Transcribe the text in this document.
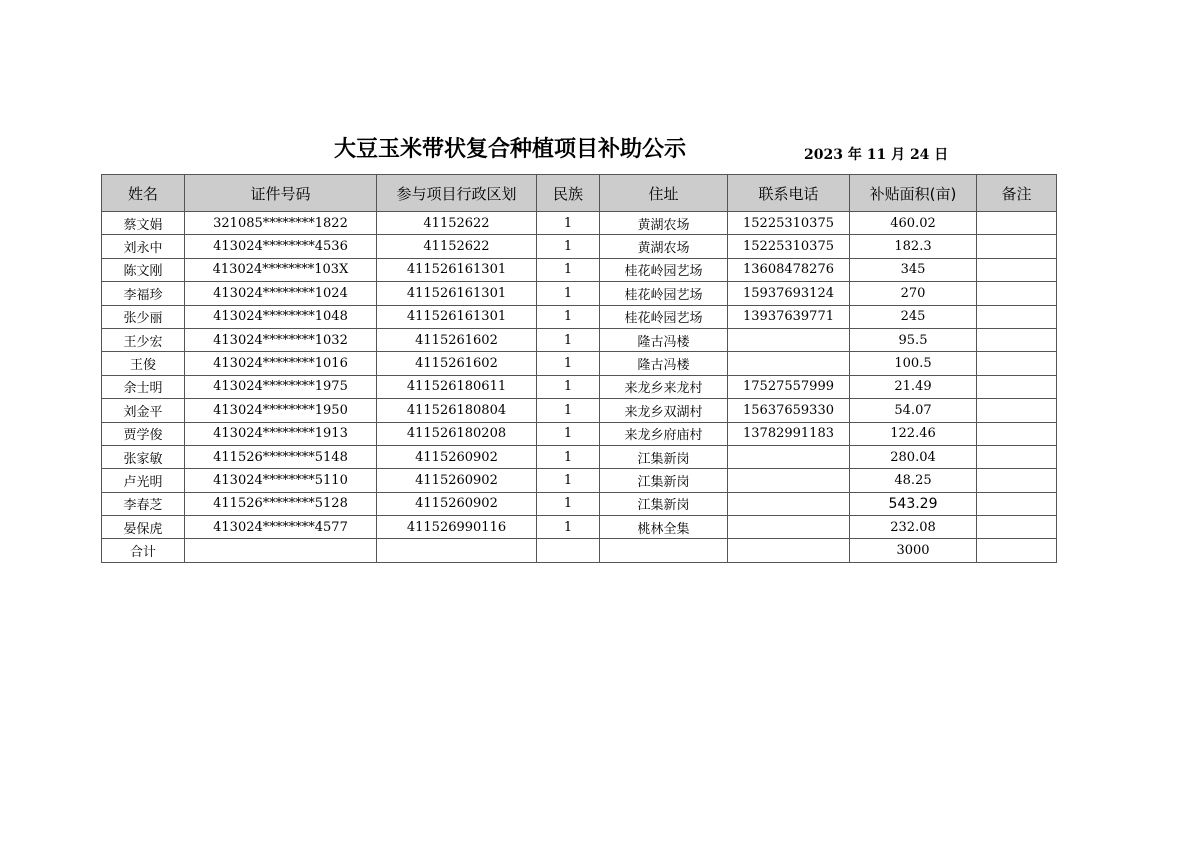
大豆玉米带状复合种植项目补助公示	2023 年 11 月 24 日
姓名	证件号码	参与项目行政区划	民族	住址	联系电话	补贴面积(亩)	备注
蔡文娟	321085********1822	41152622	1	黄湖农场	15225310375	460.02	
刘永中	413024********4536	41152622	1	黄湖农场	15225310375	182.3	
陈文刚	413024********103X	411526161301	1	桂花岭园艺场	13608478276	345	
李福珍	413024********1024	411526161301	1	桂花岭园艺场	15937693124	270	
张少丽	413024********1048	411526161301	1	桂花岭园艺场	13937639771	245	
王少宏	413024********1032	4115261602	1	隆古冯楼		95.5	
王俊	413024********1016	4115261602	1	隆古冯楼		100.5	
余士明	413024********1975	411526180611	1	来龙乡来龙村	17527557999	21.49	
刘金平	413024********1950	411526180804	1	来龙乡双湖村	15637659330	54.07	
贾学俊	413024********1913	411526180208	1	来龙乡府庙村	13782991183	122.46	
张家敏	411526********5148	4115260902	1	江集新岗		280.04	
卢光明	413024********5110	4115260902	1	江集新岗		48.25	
李春芝	411526********5128	4115260902	1	江集新岗		543.29	
晏保虎	413024********4577	411526990116	1	桃林全集		232.08	
合计						3000	
